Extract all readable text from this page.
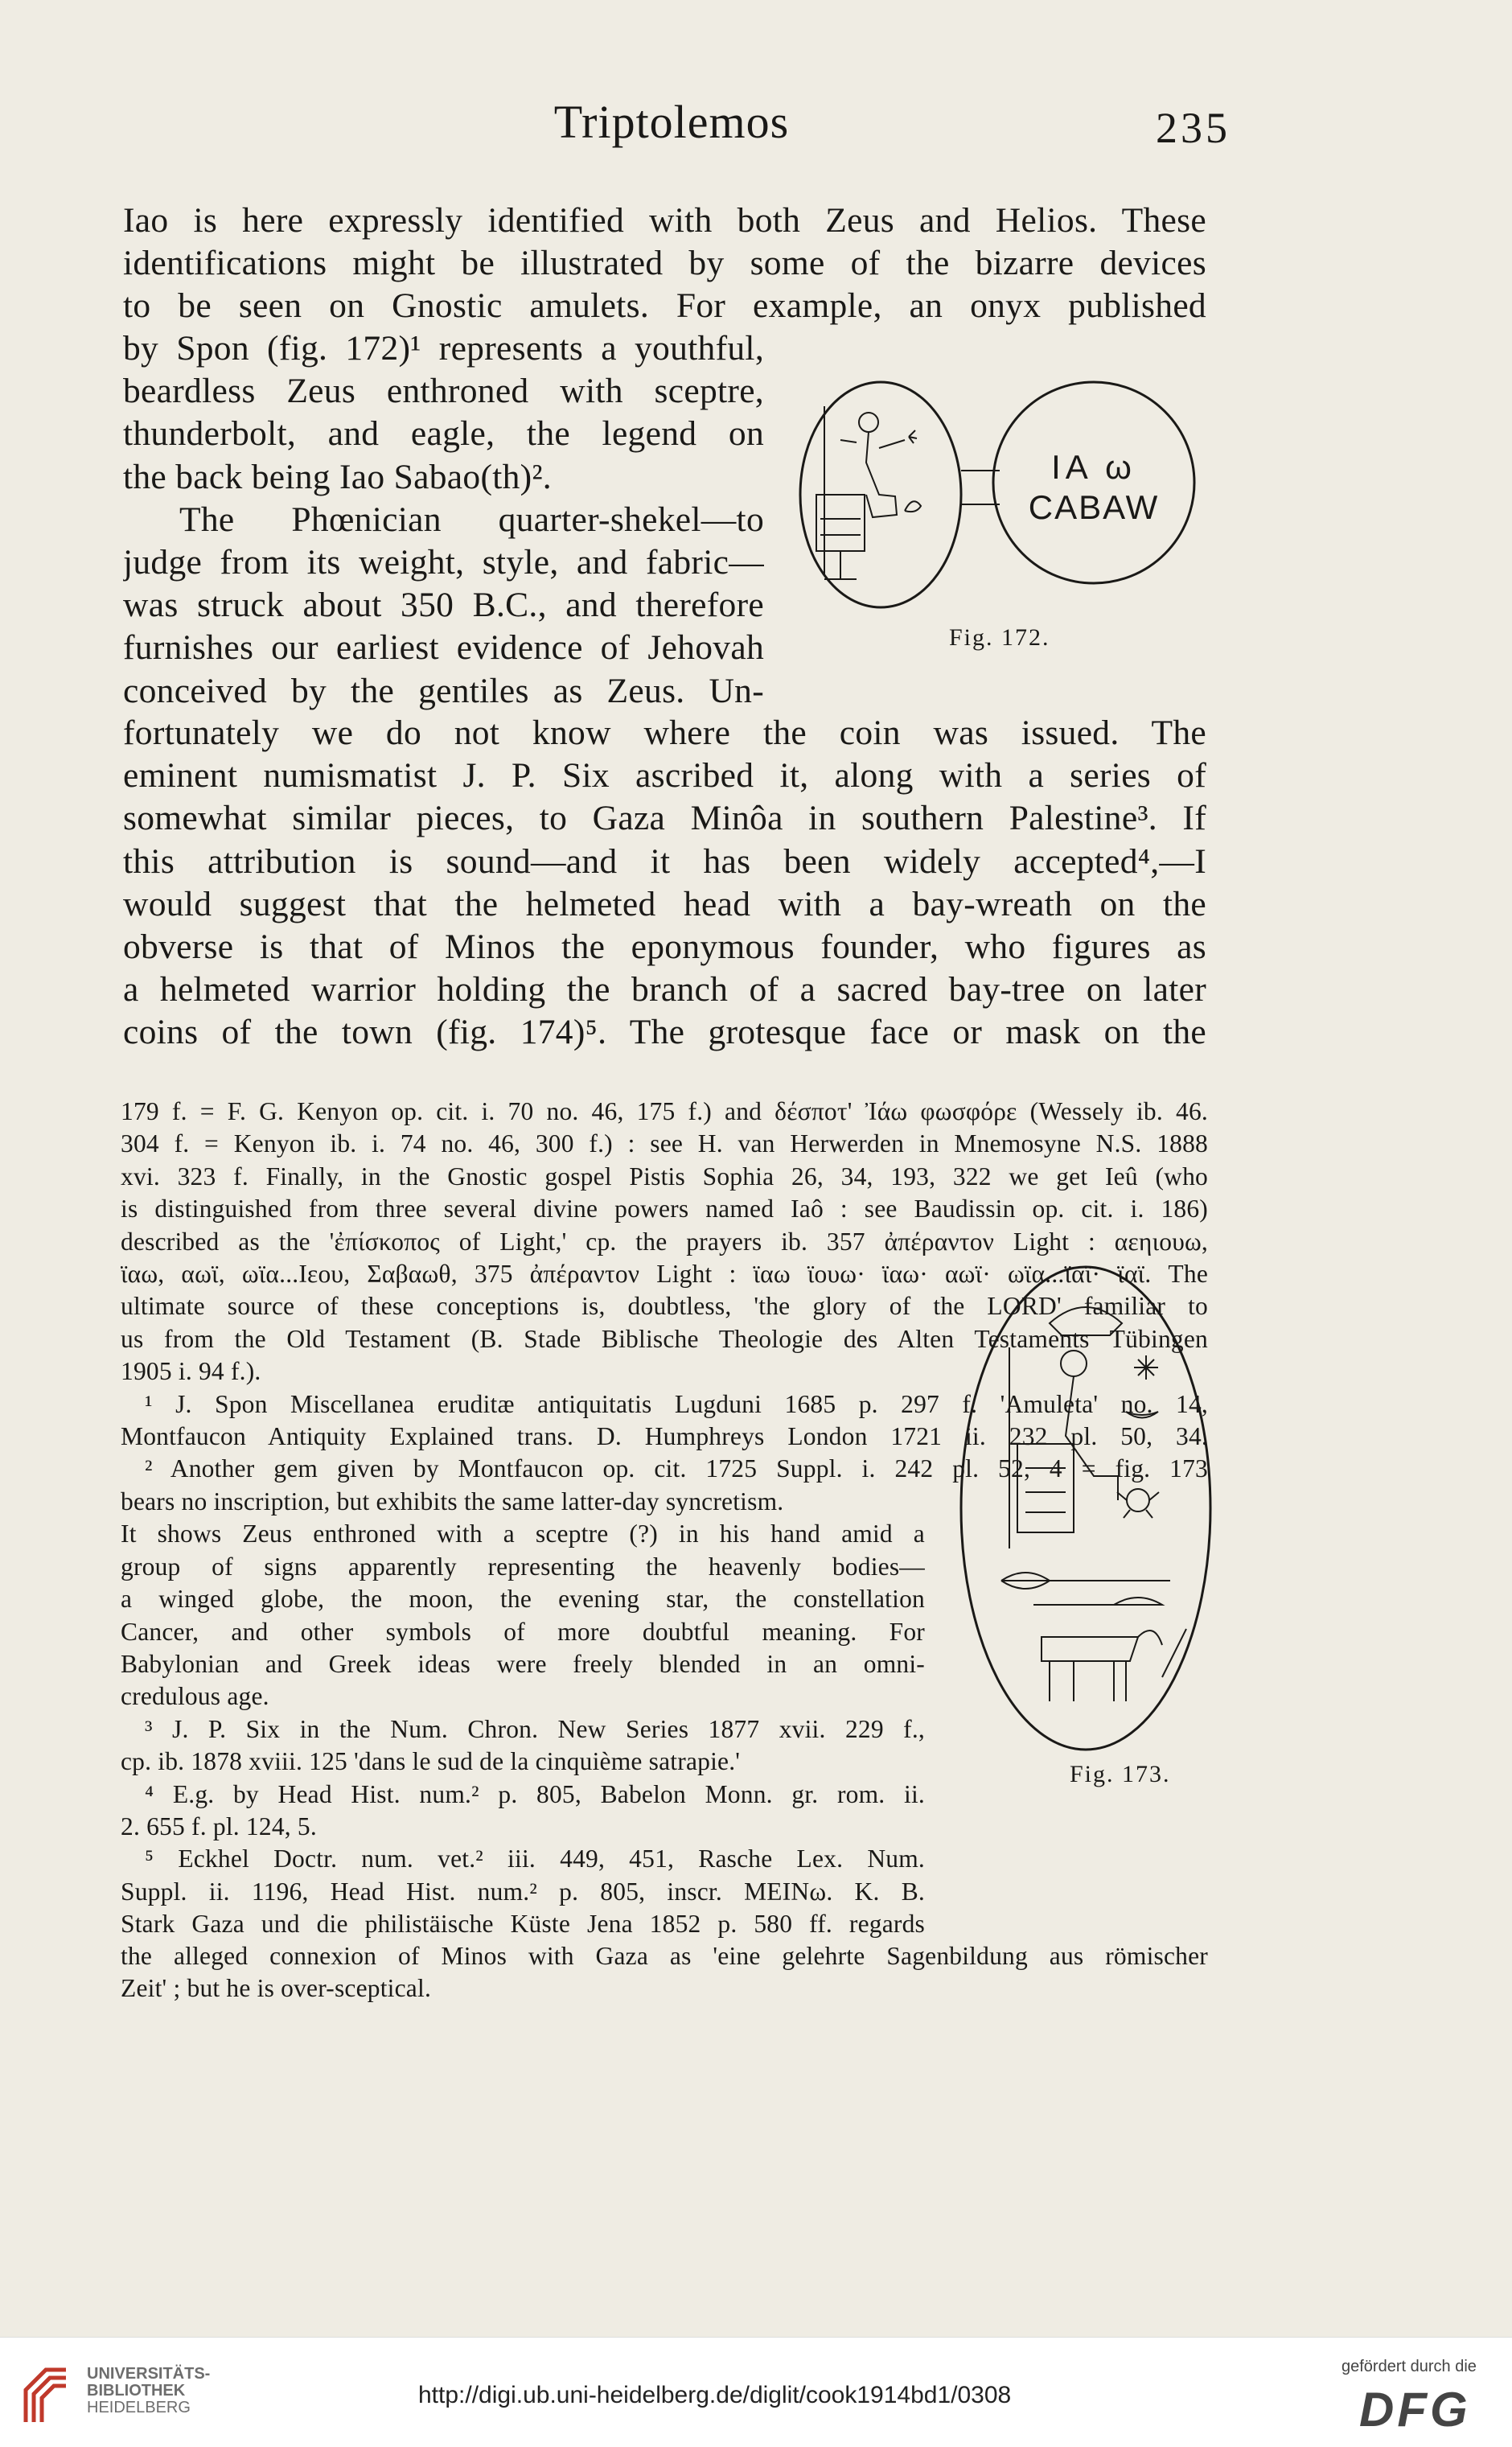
Triptolemos	235
Iao is here expressly identified with both Zeus and Helios. These
identifications might be illustrated by some of the bizarre devices
to be seen on Gnostic amulets. For example, an onyx published
by Spon (fig. 172)¹ represents a youthful,
beardless Zeus enthroned with sceptre,
thunderbolt, and eagle, the legend on
the back being Iao Sabao(th)².
The Phœnician quarter-shekel—to
judge from its weight, style, and fabric—
was struck about 350 B.C., and therefore
furnishes our earliest evidence of Jehovah
conceived by the gentiles as Zeus. Un-
IA ω
CABAW
Fig. 172.
fortunately we do not know where the coin was issued. The
eminent numismatist J. P. Six ascribed it, along with a series of
somewhat similar pieces, to Gaza Minôa in southern Palestine³. If
this attribution is sound—and it has been widely accepted⁴,—I
would suggest that the helmeted head with a bay-wreath on the
obverse is that of Minos the eponymous founder, who figures as
a helmeted warrior holding the branch of a sacred bay-tree on later
coins of the town (fig. 174)⁵. The grotesque face or mask on the
179 f. = F. G. Kenyon op. cit. i. 70 no. 46, 175 f.) and δέσποτ' Ἰάω φωσφόρε (Wessely ib. 46.
304 f. = Kenyon ib. i. 74 no. 46, 300 f.) : see H. van Herwerden in Mnemosyne N.S. 1888
xvi. 323 f. Finally, in the Gnostic gospel Pistis Sophia 26, 34, 193, 322 we get Ieû (who
is distinguished from three several divine powers named Iaô : see Baudissin op. cit. i. 186)
described as the 'ἐπίσκοπος of Light,' cp. the prayers ib. 357 ἀπέραντον Light : αεηιουω,
ϊαω, αωϊ, ωϊα...Ιεου, Σαβαωθ, 375 ἀπέραντον Light : ϊαω ϊουω· ϊαω· αωϊ· ωϊα...ϊαϊ· ϊαϊ. The
ultimate source of these conceptions is, doubtless, 'the glory of the LORD' familiar to
us from the Old Testament (B. Stade Biblische Theologie des Alten Testaments Tübingen
1905 i. 94 f.).
¹ J. Spon Miscellanea eruditæ antiquitatis Lugduni 1685 p. 297 f. 'Amuleta' no. 14,
Montfaucon Antiquity Explained trans. D. Humphreys London 1721 ii. 232 pl. 50, 34.
² Another gem given by Montfaucon op. cit. 1725 Suppl. i. 242 pl. 52, 4 = fig. 173
bears no inscription, but exhibits the same latter-day syncretism.
It shows Zeus enthroned with a sceptre (?) in his hand amid a
group of signs apparently representing the heavenly bodies—
a winged globe, the moon, the evening star, the constellation
Cancer, and other symbols of more doubtful meaning. For
Babylonian and Greek ideas were freely blended in an omni-
credulous age.
³ J. P. Six in the Num. Chron. New Series 1877 xvii. 229 f.,
cp. ib. 1878 xviii. 125 'dans le sud de la cinquième satrapie.'
⁴ E.g. by Head Hist. num.² p. 805, Babelon Monn. gr. rom. ii.
2. 655 f. pl. 124, 5.
⁵ Eckhel Doctr. num. vet.² iii. 449, 451, Rasche Lex. Num.
Suppl. ii. 1196, Head Hist. num.² p. 805, inscr. ΜΕΙΝω. K. B.
Stark Gaza und die philistäische Küste Jena 1852 p. 580 ff. regards
the alleged connexion of Minos with Gaza as 'eine gelehrte Sagenbildung aus römischer
Zeit' ; but he is over-sceptical.
Fig. 173.
UNIVERSITÄTS-
BIBLIOTHEK
HEIDELBERG	http://digi.ub.uni-heidelberg.de/diglit/cook1914bd1/0308
gefördert durch die
DFG
